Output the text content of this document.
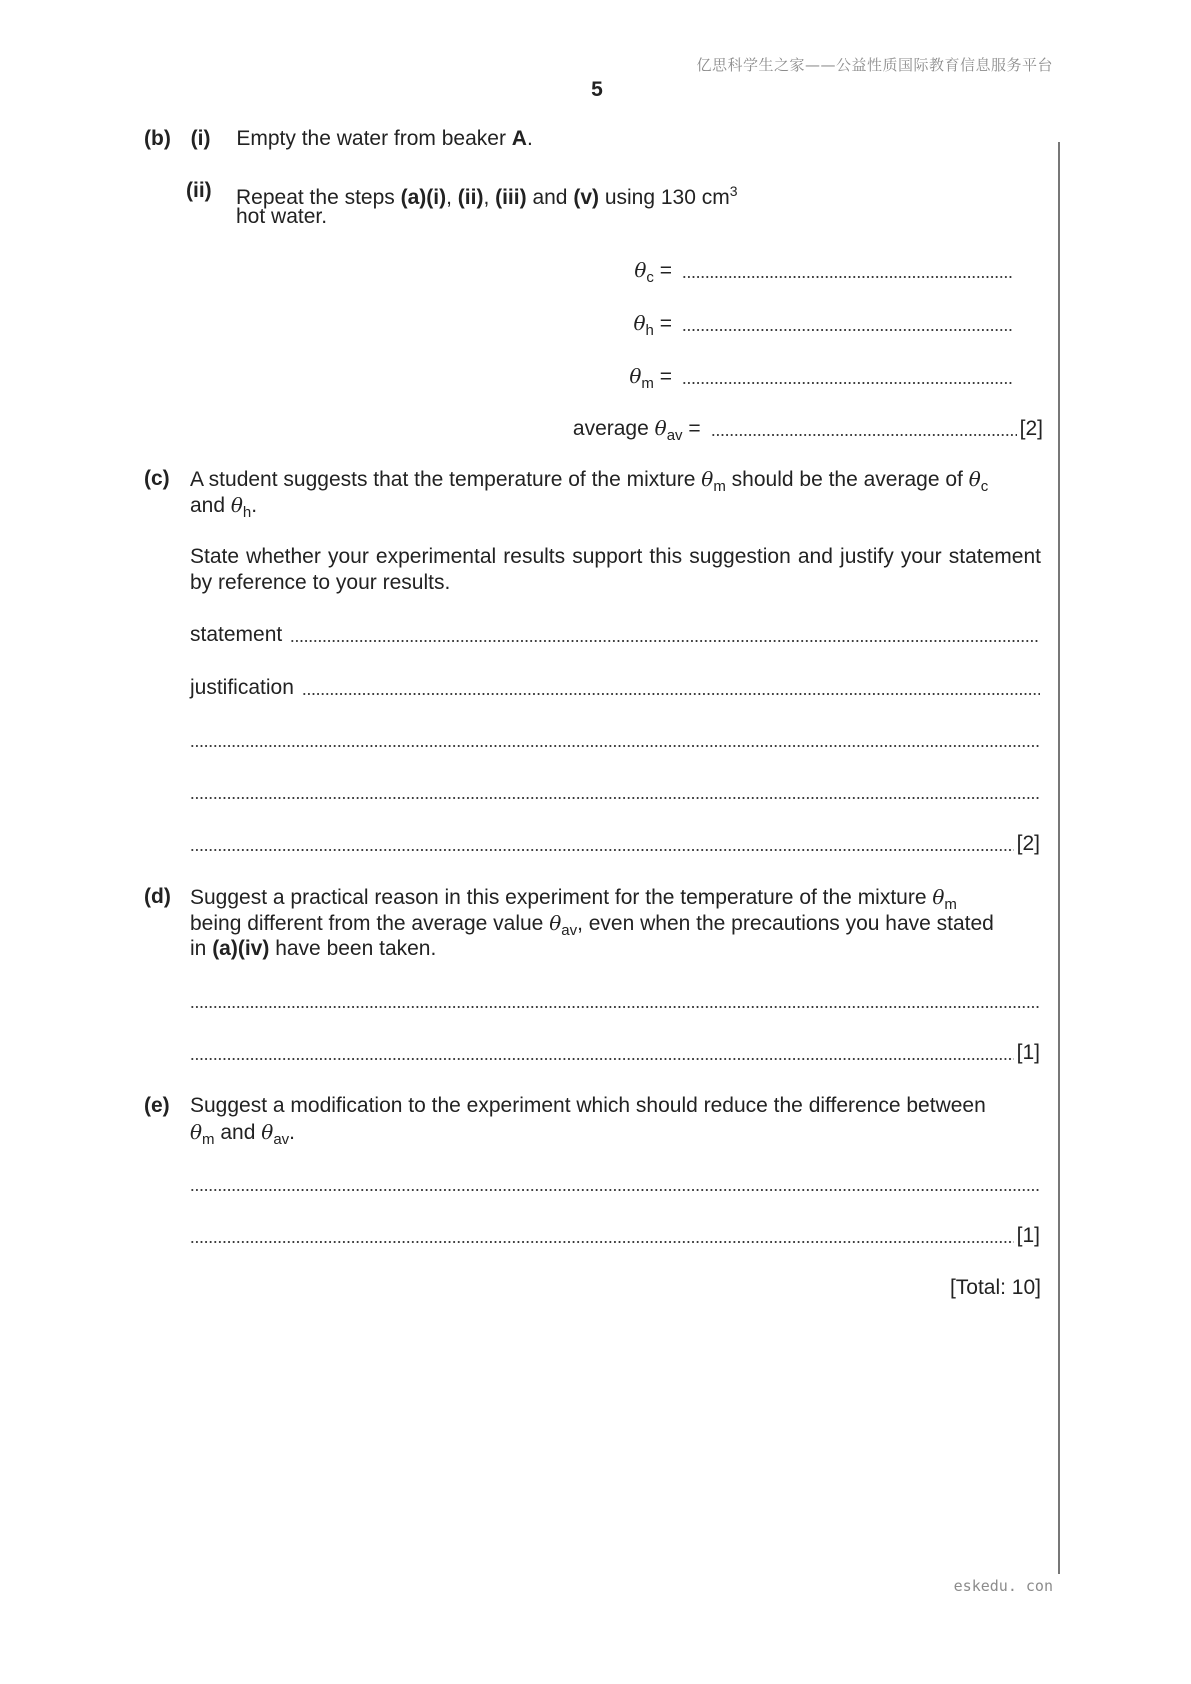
亿思科学生之家——公益性质国际教育信息服务平台
5
eskedu. con
(b) (i) Empty the water from beaker A.
(ii) Repeat the steps (a)(i), (ii), (iii) and (v) using 130 $cm^3$
hot water.
$\theta_c$ =
$\theta_h$ =
$\theta_m$ =
average $\theta_{av}$ =	[2]
(c) A student suggests that the temperature of the mixture $\theta_m$ should be the average of $\theta_c$
and $\theta_h$.
State whether your experimental results support this suggestion and justify your statement by reference to your results.
statement
justification
[2]
(d) Suggest a practical reason in this experiment for the temperature of the mixture $\theta_m$
being different from the average value $\theta_{av}$, even when the precautions you have stated
in (a)(iv) have been taken.
[1]
(e) Suggest a modification to the experiment which should reduce the difference between
$\theta_m$ and $\theta_{av}$.
[1]
[Total: 10]
